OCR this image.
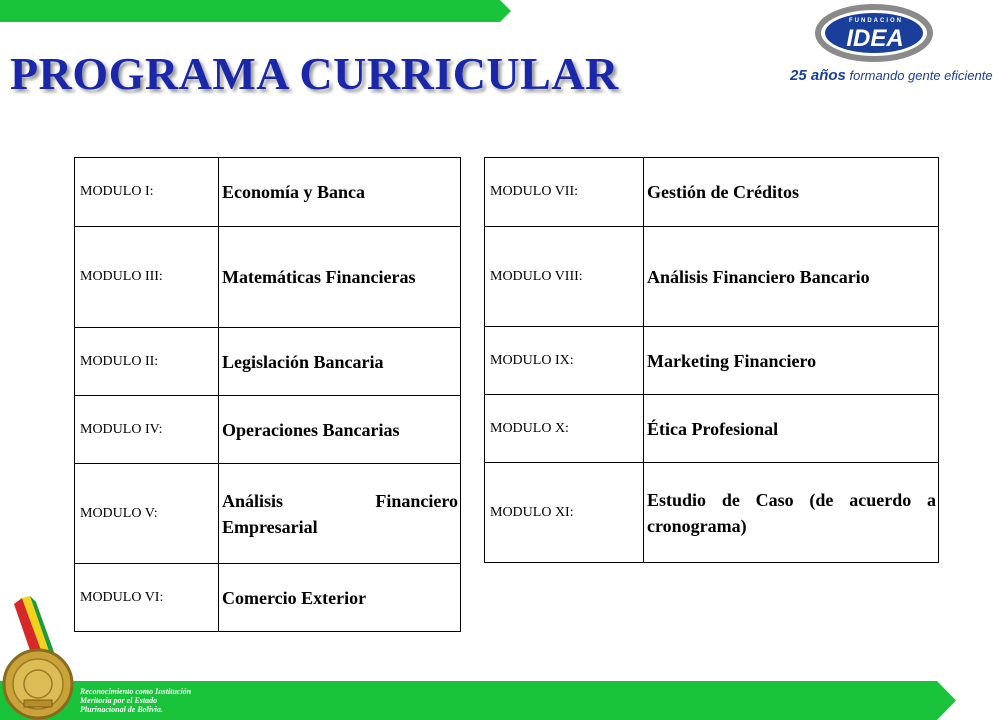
PROGRAMA CURRICULAR
FUNDACION
IDEA

25 años formando gente eficiente

MODULO I:	Economía y Banca
MODULO III:	Matemáticas Financieras
MODULO II:	Legislación Bancaria
MODULO IV:	Operaciones Bancarias
MODULO V:	Análisis Financiero Empresarial
MODULO VI:	Comercio Exterior
MODULO VII:	Gestión de Créditos
MODULO VIII:	Análisis Financiero Bancario
MODULO IX:	Marketing Financiero
MODULO X:	Ética Profesional
MODULO XI:	Estudio de Caso (de acuerdo a cronograma)

Reconocimiento como Institución
Meritoria por el Estado
Plurinacional de Bolivia.
